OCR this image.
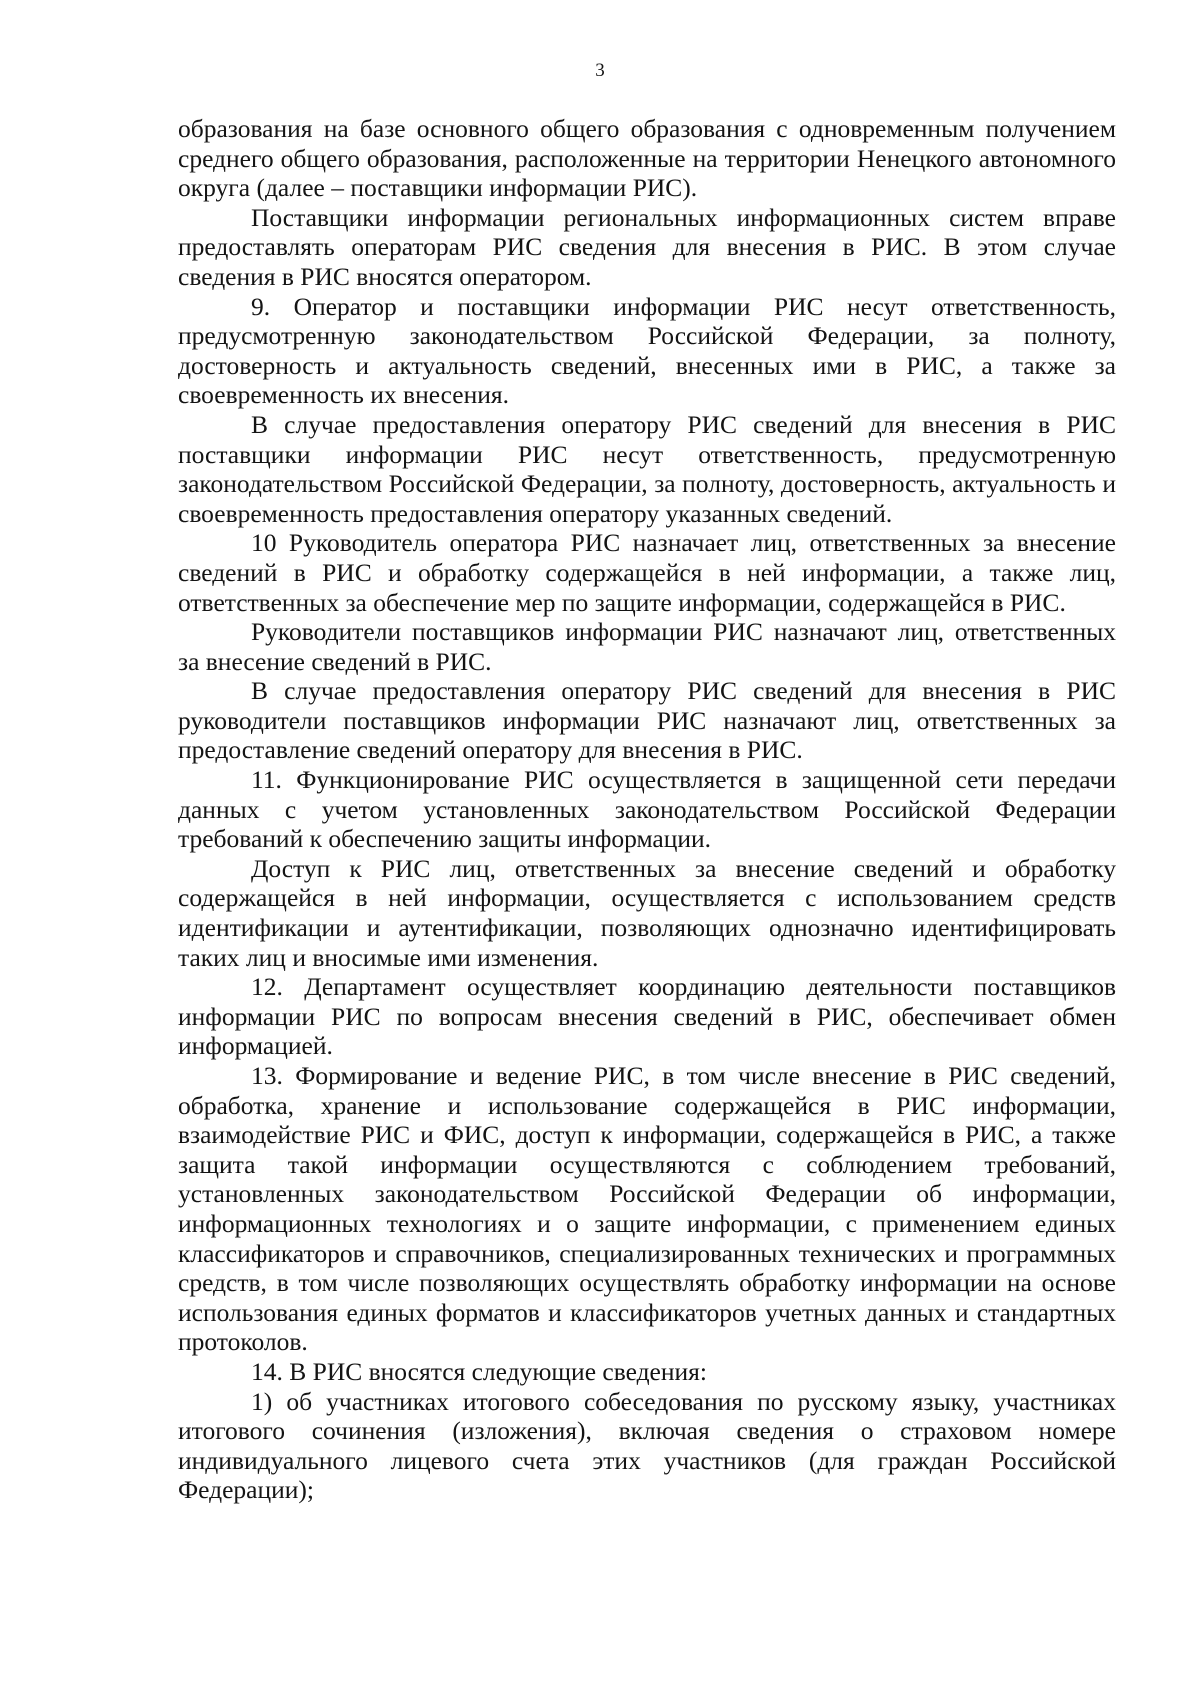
3

образования на базе основного общего образования с одновременным получением среднего общего образования, расположенные на территории Ненецкого автономного округа (далее – поставщики информации РИС).

Поставщики информации региональных информационных систем вправе предоставлять операторам РИС сведения для внесения в РИС. В этом случае сведения в РИС вносятся оператором.

9. Оператор и поставщики информации РИС несут ответственность, предусмотренную законодательством Российской Федерации, за полноту, достоверность и актуальность сведений, внесенных ими в РИС, а также за своевременность их внесения.

В случае предоставления оператору РИС сведений для внесения в РИС поставщики информации РИС несут ответственность, предусмотренную законодательством Российской Федерации, за полноту, достоверность, актуальность и своевременность предоставления оператору указанных сведений.

10 Руководитель оператора РИС назначает лиц, ответственных за внесение сведений в РИС и обработку содержащейся в ней информации, а также лиц, ответственных за обеспечение мер по защите информации, содержащейся в РИС.

Руководители поставщиков информации РИС назначают лиц, ответственных за внесение сведений в РИС.

В случае предоставления оператору РИС сведений для внесения в РИС руководители поставщиков информации РИС назначают лиц, ответственных за предоставление сведений оператору для внесения в РИС.

11. Функционирование РИС осуществляется в защищенной сети передачи данных с учетом установленных законодательством Российской Федерации требований к обеспечению защиты информации.

Доступ к РИС лиц, ответственных за внесение сведений и обработку содержащейся в ней информации, осуществляется с использованием средств идентификации и аутентификации, позволяющих однозначно идентифицировать таких лиц и вносимые ими изменения.

12. Департамент осуществляет координацию деятельности поставщиков информации РИС по вопросам внесения сведений в РИС, обеспечивает обмен информацией.

13. Формирование и ведение РИС, в том числе внесение в РИС сведений, обработка, хранение и использование содержащейся в РИС информации, взаимодействие РИС и ФИС, доступ к информации, содержащейся в РИС, а также защита такой информации осуществляются с соблюдением требований, установленных законодательством Российской Федерации об информации, информационных технологиях и о защите информации, с применением единых классификаторов и справочников, специализированных технических и программных средств, в том числе позволяющих осуществлять обработку информации на основе использования единых форматов и классификаторов учетных данных и стандартных протоколов.

14. В РИС вносятся следующие сведения:

1) об участниках итогового собеседования по русскому языку, участниках итогового сочинения (изложения), включая сведения о страховом номере индивидуального лицевого счета этих участников (для граждан Российской Федерации);
